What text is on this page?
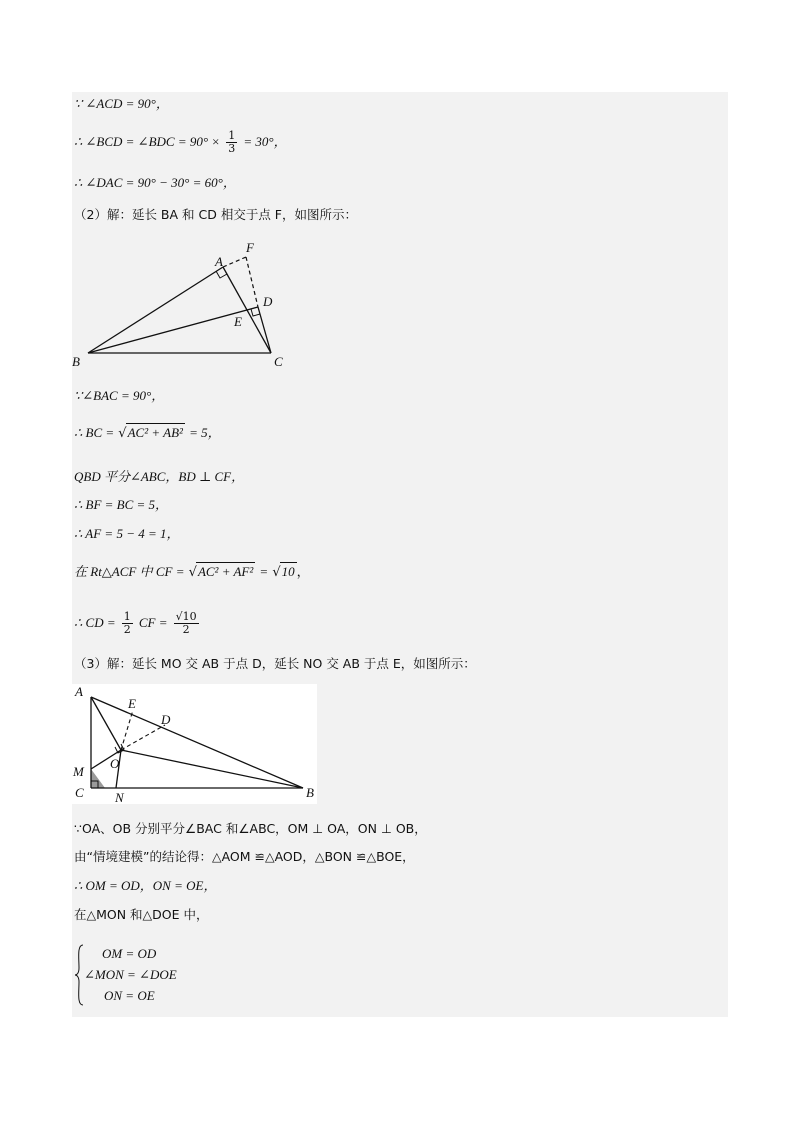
∵ ∠ACD = 90°，
∴ ∠BCD = ∠BDC = $90^\circ \times \frac{1}{3} = 30^\circ$，
∴ ∠DAC = 90° − 30° = 60°，
（2）解：延长 BA 和 CD 相交于点 F，如图所示：
B	C
A
F
D
E
∵∠BAC = 90°，
∴ BC = √AC² + AB² = 5，
QBD 平分∠ABC，BD ⊥ CF，
∴ BF = BC = 5，
∴ AF = 5 − 4 = 1，
在 Rt△ACF 中 CF = √AC² + AF² = √10 ，
∴ CD = $\frac{1}{2}$ CF = $\frac{√10}{2}$
（3）解：延长 MO 交 AB 于点 D，延长 NO 交 AB 于点 E，如图所示：
A
E
D
O
M
C N	B
∵OA、OB 分别平分∠BAC 和∠ABC，OM ⊥ OA，ON ⊥ OB，
由“情境建模”的结论得：△AOM ≌△AOD，△BON ≌△BOE，
∴ OM = OD，ON = OE，
在△MON 和△DOE 中，
OM = OD
∠MON = ∠DOE
ON = OE
